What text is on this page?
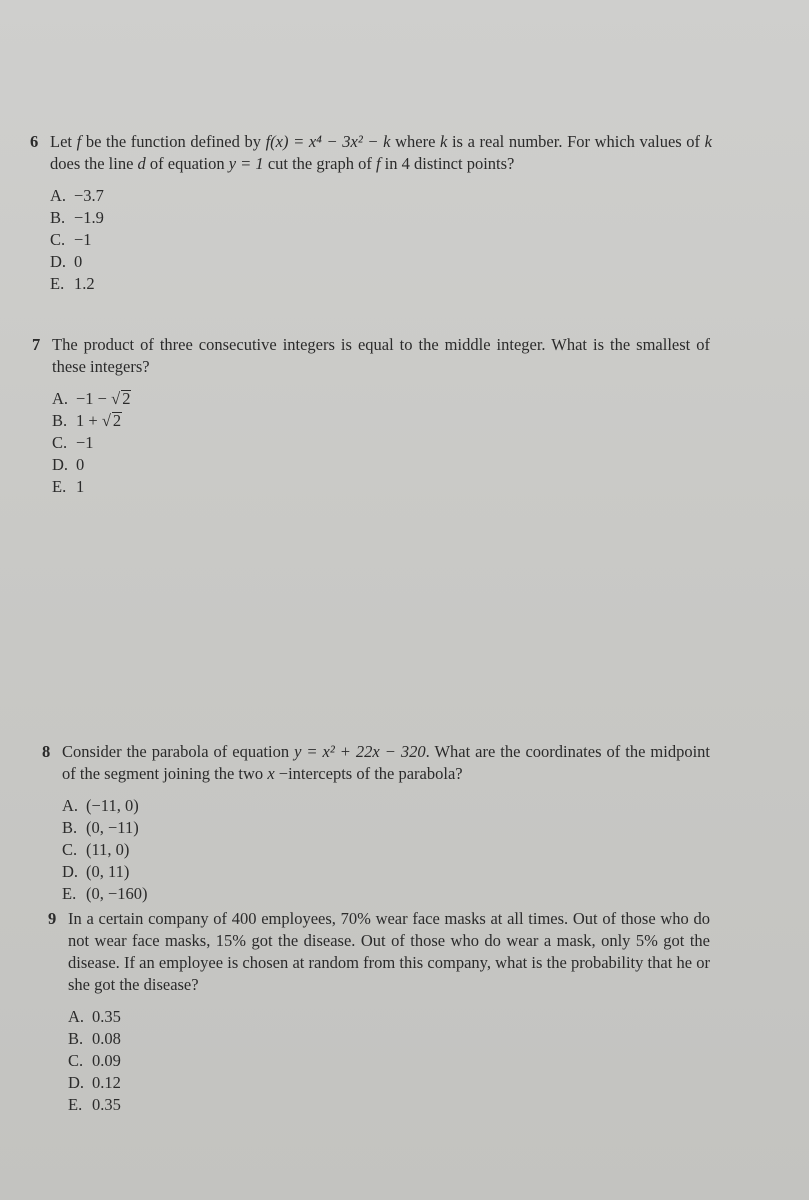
6 Let f be the function defined by f(x) = x⁴ − 3x² − k where k is a real number. For which values of k does the line d of equation y = 1 cut the graph of f in 4 distinct points?
A. −3.7
B. −1.9
C. −1
D. 0
E. 1.2
7 The product of three consecutive integers is equal to the middle integer. What is the smallest of these integers?
A. −1 − √ 2
B. 1 + √ 2
C. −1
D. 0
E. 1
8 Consider the parabola of equation y = x² + 22x − 320. What are the coordinates of the midpoint of the segment joining the two x −intercepts of the parabola?
A. (−11, 0)
B. (0, −11)
C. (11, 0)
D. (0, 11)
E. (0, −160)
9 In a certain company of 400 employees, 70% wear face masks at all times. Out of those who do not wear face masks, 15% got the disease. Out of those who do wear a mask, only 5% got the disease. If an employee is chosen at random from this company, what is the probability that he or she got the disease?
A. 0.35
B. 0.08
C. 0.09
D. 0.12
E. 0.35
